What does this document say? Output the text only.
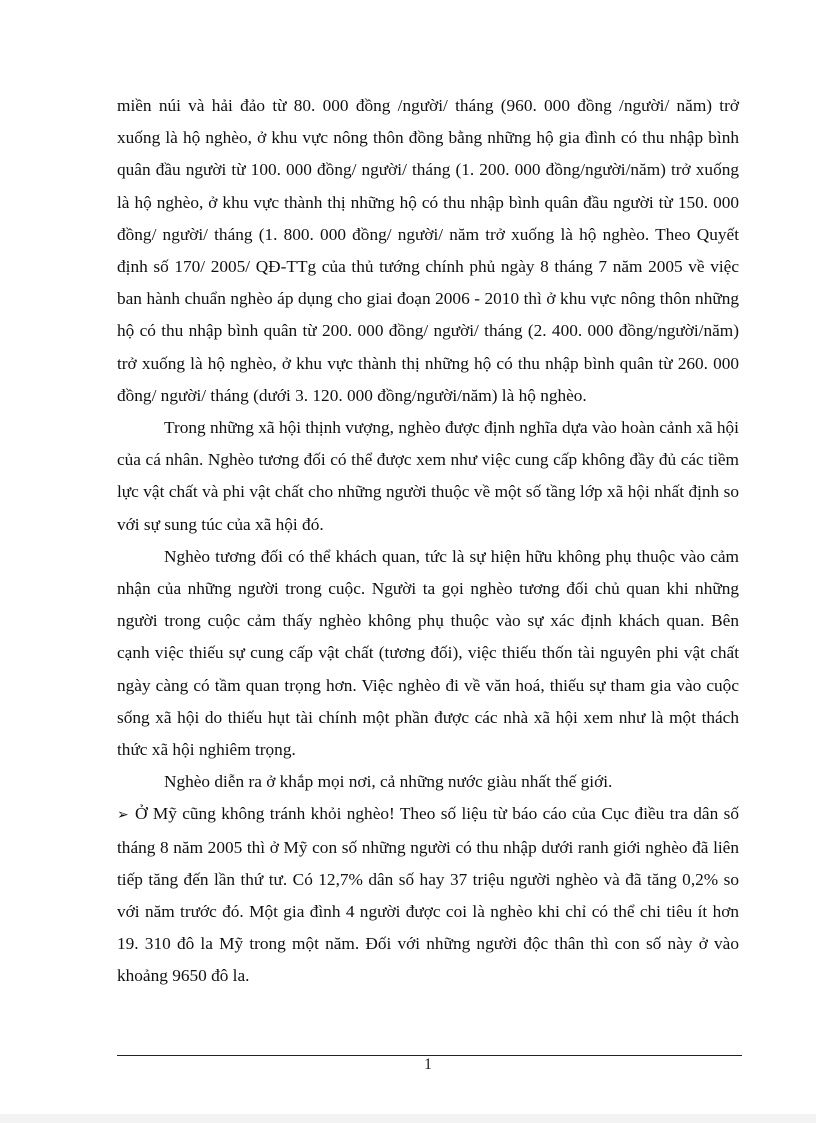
miền núi và hải đảo từ 80. 000 đồng /người/ tháng (960. 000 đồng /người/ năm) trở xuống là hộ nghèo, ở khu vực nông thôn đồng bằng những hộ gia đình có thu nhập bình quân đầu người từ 100. 000 đồng/ người/ tháng (1. 200. 000 đồng/người/năm) trở xuống là hộ nghèo, ở khu vực thành thị những hộ có thu nhập bình quân đầu người từ 150. 000 đồng/ người/ tháng (1. 800. 000 đồng/ người/ năm trở xuống là hộ nghèo. Theo Quyết định số 170/ 2005/ QĐ-TTg của thủ tướng chính phủ ngày 8 tháng 7 năm 2005 về việc ban hành chuẩn nghèo áp dụng cho giai đoạn 2006 - 2010 thì ở khu vực nông thôn những hộ có thu nhập bình quân từ 200. 000 đồng/ người/ tháng (2. 400. 000 đồng/người/năm) trở xuống là hộ nghèo, ở khu vực thành thị những hộ có thu nhập bình quân từ 260. 000 đồng/ người/ tháng (dưới 3. 120. 000 đồng/người/năm) là hộ nghèo.

Trong những xã hội thịnh vượng, nghèo được định nghĩa dựa vào hoàn cảnh xã hội của cá nhân. Nghèo tương đối có thể được xem như việc cung cấp không đầy đủ các tiềm lực vật chất và phi vật chất cho những người thuộc về một số tầng lớp xã hội nhất định so với sự sung túc của xã hội đó.

Nghèo tương đối có thể khách quan, tức là sự hiện hữu không phụ thuộc vào cảm nhận của những người trong cuộc. Người ta gọi nghèo tương đối chủ quan khi những người trong cuộc cảm thấy nghèo không phụ thuộc vào sự xác định khách quan. Bên cạnh việc thiếu sự cung cấp vật chất (tương đối), việc thiếu thốn tài nguyên phi vật chất ngày càng có tầm quan trọng hơn. Việc nghèo đi về văn hoá, thiếu sự tham gia vào cuộc sống xã hội do thiếu hụt tài chính một phần được các nhà xã hội xem như là một thách thức xã hội nghiêm trọng.

Nghèo diễn ra ở khắp mọi nơi, cả những nước giàu nhất thế giới.

➢ Ở Mỹ cũng không tránh khỏi nghèo! Theo số liệu từ báo cáo của Cục điều tra dân số tháng 8 năm 2005 thì ở Mỹ con số những người có thu nhập dưới ranh giới nghèo đã liên tiếp tăng đến lần thứ tư. Có 12,7% dân số hay 37 triệu người nghèo và đã tăng 0,2% so với năm trước đó. Một gia đình 4 người được coi là nghèo khi chỉ có thể chi tiêu ít hơn 19. 310 đô la Mỹ trong một năm. Đối với những người độc thân thì con số này ở vào khoảng 9650 đô la.

1
